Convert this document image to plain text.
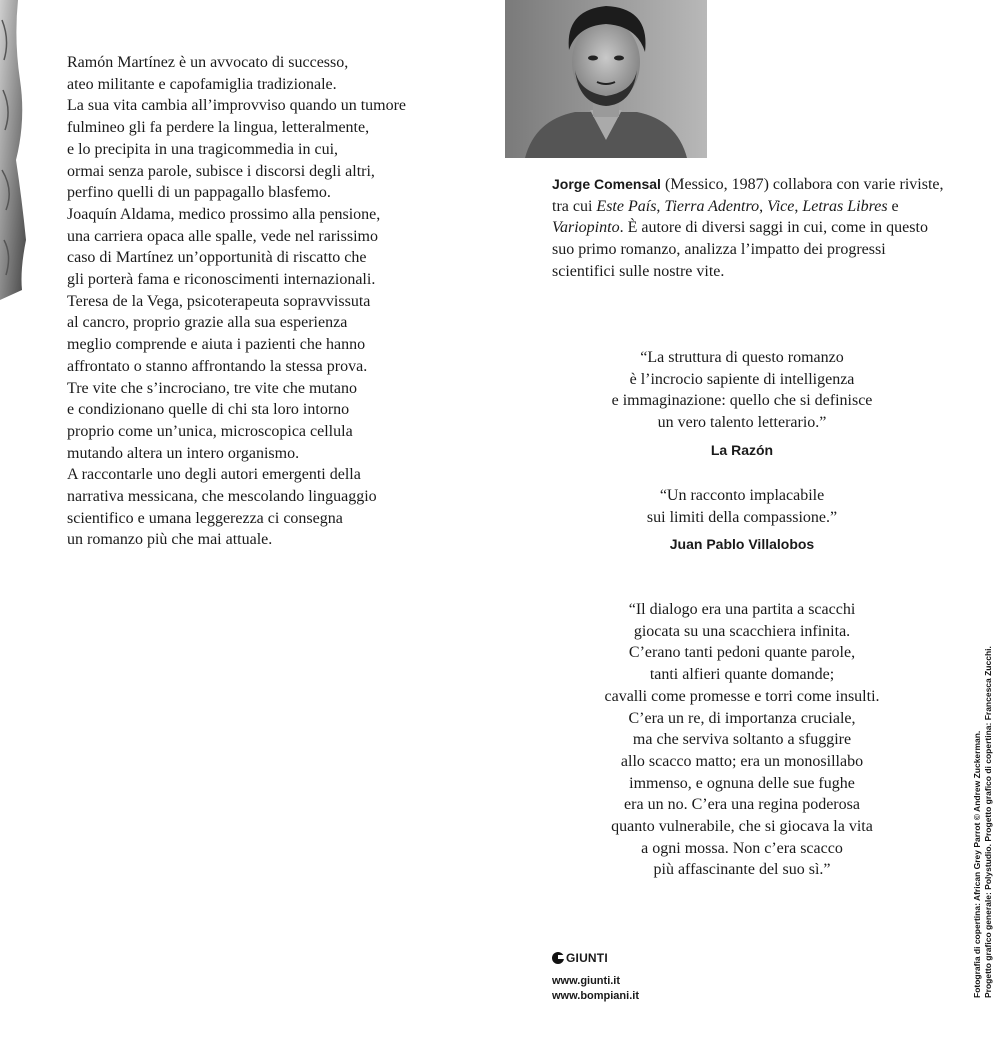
Ramón Martínez è un avvocato di successo,
ateo militante e capofamiglia tradizionale.
La sua vita cambia all’improvviso quando un tumore
fulmineo gli fa perdere la lingua, letteralmente,
e lo precipita in una tragicommedia in cui,
ormai senza parole, subisce i discorsi degli altri,
perfino quelli di un pappagallo blasfemo.
Joaquín Aldama, medico prossimo alla pensione,
una carriera opaca alle spalle, vede nel rarissimo
caso di Martínez un’opportunità di riscatto che
gli porterà fama e riconoscimenti internazionali.
Teresa de la Vega, psicoterapeuta sopravvissuta
al cancro, proprio grazie alla sua esperienza
meglio comprende e aiuta i pazienti che hanno
affrontato o stanno affrontando la stessa prova.
Tre vite che s’incrociano, tre vite che mutano
e condizionano quelle di chi sta loro intorno
proprio come un’unica, microscopica cellula
mutando altera un intero organismo.
A raccontarle uno degli autori emergenti della
narrativa messicana, che mescolando linguaggio
scientifico e umana leggerezza ci consegna
un romanzo più che mai attuale.
Jorge Comensal (Messico, 1987) collabora con varie riviste, tra cui Este País, Tierra Adentro, Vice, Letras Libres e Variopinto. È autore di diversi saggi in cui, come in questo suo primo romanzo, analizza l’impatto dei progressi scientifici sulle nostre vite.
“La struttura di questo romanzo
è l’incrocio sapiente di intelligenza
e immaginazione: quello che si definisce
un vero talento letterario.”
La Razón
“Un racconto implacabile
sui limiti della compassione.”
Juan Pablo Villalobos
“Il dialogo era una partita a scacchi
giocata su una scacchiera infinita.
C’erano tanti pedoni quante parole,
tanti alfieri quante domande;
cavalli come promesse e torri come insulti.
C’era un re, di importanza cruciale,
ma che serviva soltanto a sfuggire
allo scacco matto; era un monosillabo
immenso, e ognuna delle sue fughe
era un no. C’era una regina poderosa
quanto vulnerabile, che si giocava la vita
a ogni mossa. Non c’era scacco
più affascinante del suo sì.”
GIUNTI
www.giunti.it
www.bompiani.it	Fotografia di copertina: African Grey Parrot © Andrew Zuckerman. Progetto grafico generale: Polystudio. Progetto grafico di copertina: Francesca Zucchi.
